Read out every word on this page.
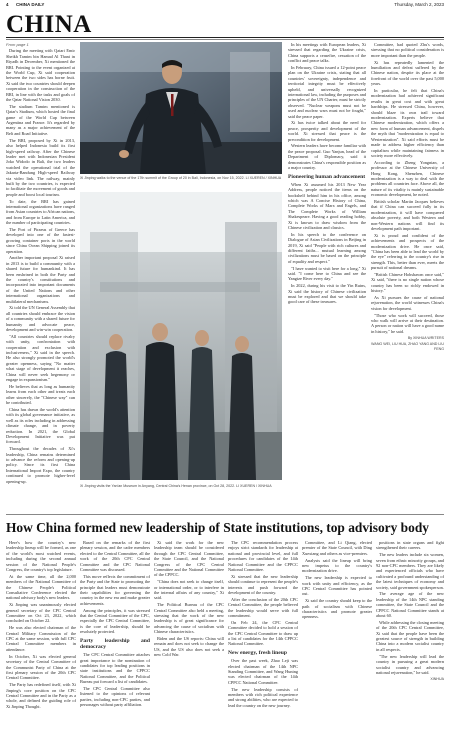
4 CHINA DAILY	Thursday, March 2, 2023
CHINA
From page 1

During the meeting with Qatari Emir Sheikh Tamim bin Hamad Al Thani in Riyadh in December, Xi mentioned the BRI. Pointing to the event organized at the World Cup, Xi said cooperation between the two sides has borne fruit. Xi said the two countries should deepen cooperation in the construction of the BRI, in line with the tasks and goals of the Qatar National Vision 2030.

The stadium Tamim mentioned is Qatar's Stadium, which hosted the final game of the World Cup between Argentina and France. It's regarded by many as a major achievement of the Belt and Road Initiative.

The BRI, proposed by Xi in 2013, also helped Indonesia build its first high-speed railway. After the Chinese leader met with Indonesian President Joko Widodo in Bali, the two leaders watched the operational trial of the Jakarta-Bandung High-speed Railway via video link. The railway, mainly built by the two countries, is expected to facilitate the movement of goods and people and boost local tourism.

To date, the BRI has gained international organizations have ranged from Asian countries to African nations, and from Europe to Latin America, and the number of participating countries.

The Port of Piraeus of Greece has developed into one of the fastest-growing container ports in the world since China Ocean Shipping joined its operation.

Another important proposal Xi raised in 2013 is to build a community with a shared future for humankind. It has been enshrined in both the Party and the country's constitutions and incorporated into important documents of the United Nations and other international organizations and multilateral mechanisms.

Xi told the UN General Assembly that all countries should embrace the vision of a community with a shared future for humanity and advocate peace, development and win-win cooperation.

"All countries should replace rivalry with unity, confrontation with cooperation and exclusion with inclusiveness," Xi said in the speech. He also strongly promoted the world's greater openness, saying "No matter what stage of development it reaches, China will never seek hegemony or engage in expansionism."

He believes that as long as humanity learns from each other and treats each other sincerely, the "Chinese way" can be contributed.

China has drawn the world's attention with its global governance initiative, as well as its roles including in addressing climate change, and in poverty reduction. In 2021, the Global Development Initiative was put forward.

Throughout the decades of Xi's leadership, China remains determined to advance the reform and opening-up policy. Since its first China International Import Expo, the country continued to promote higher-level opening-up.

Xi Jinping walks to the venue of the 17th summit of the Group of 20 in Bali, Indonesia, on Nov 15, 2022. LI XUEREN / XINHUA

In his meetings with European leaders, Xi stressed that regarding the Ukraine crisis, China supports a ceasefire, cessation of the conflict and peace talks.

In February, China issued a 12-point peace plan on the Ukraine crisis, stating that all countries' sovereignty, independence and territorial integrity must be effectively upheld, and universally recognized international law, including the purposes and principles of the UN Charter, must be strictly observed. "Nuclear weapons must not be used and nuclear wars must not be fought," said the peace paper.

Xi has twice talked about the need for peace, prosperity and development of the world. Xi stressed that peace is the precondition for development.

Western leaders have become familiar with the peace proposal. Guo Yanjun, head of the Department of Diplomacy, said it demonstrates China's responsible position as a major country.

Pioneering human advancement

When Xi assumed his 2013 New Year Address, people noticed the items on the bookshelf behind him in his office, among which was A Concise History of China, Complete Works of Marx and Engels, and The Complete Works of William Shakespeare. Having a good reading hobby, Xi is known to draw wisdom from the Chinese civilization and classics.

In his speech to the conference on Dialogue of Asian Civilizations in Beijing in 2019, Xi said "People with rich cultures and different faiths... mutual learning among civilizations must be based on the principle of equality and respect."

"I have wanted to visit here for a long," Xi said. "I come here to China and see the Yangtze River every day."

In 2022, during his visit to the Yin Ruins, Xi said the history of Chinese civilization must be explored and that we should take good care of these treasures.

Committee, had quoted Zhu's words, stressing that no political consideration is more important than the people.

Xi has repeatedly lamented the humiliation and defeat suffered by the Chinese nation, despite its place at the forefront of the world over the past 5,000 years.

In particular, he felt that China's modernization had achieved significant results in great cost and with great hardships. He stressed China, however, should blaze its own trail toward modernization. Experts believe that Chinese modernization, which offers a new form of human advancement, dispels the myth that "modernization is equal to Westernization". Xi said efforts must be made to address higher efficiency than capitalism while maintaining fairness in society more effectively.

According to Zheng Yongnian, a professor at the Chinese University of Hong Kong, Shenzhen, Chinese modernization is a way to deal with the problems all countries face. Above all, the nature of its vitality is mainly sustainable economic development, he noted.

British scholar Martin Jacques believes that if China can succeed fully in its modernization, it will have conquered absolute poverty, and both Western and non-Western nations will find its development path important.

Xi is proud and confident of the achievements and prospects of the modernization drive. He once said, "China has been able to lead the world by the eye" referring to the country's rise in strength. This, better than ever, meets the pursuit of national dreams.

"British Chinese Hobsbawm once said," Xi said, "there is no single nation whose country has been so richly endowed in history."

As Xi pursues the cause of national rejuvenation, the world witnesses China's vision for development.

"Those who work will succeed, those who walk will arrive at their destination. A person or nation will have a good name in history," he said.

By XINHUA WRITERS
WANG WEI, LIU HUA, ZHAO YANG AND LIU FENG
Xi Jinping visits the Yan'an Museum in Anyang, Central China's Henan province, on Oct 28, 2022. LI XUEREN / XINHUA
How China formed new leadership of State institutions, top advisory body

Here's how the country's new leadership lineup will be formed, as one of the world's most watched events, including during the second annual session of the National People's Congress, the country's top legislature.

At the same time, all the 2,000 members of the National Committee of the Chinese People's Political Consultative Conference elected the national advisory body's new leaders.

Xi Jinping was unanimously elected general secretary of the CPC Central Committee on Oct 23, 2022, which concluded on October 22.

He was also elected chairman of the Central Military Commission of the CPC at the same session, with full CPC Central Committee members in attendance.

In October, Xi was elected general secretary of the Central Committee of the Communist Party of China at the first plenary session of the 20th CPC Central Committee.

The Party has redefined itself, with Xi Jinping's core position on the CPC Central Committee and in the Party as a whole, and defined the guiding role of Xi Jinping Thought.

Based on the remarks of the first plenary session, and the cadre members elected to the Central Committee, all the work of the 20th CPC Central Committee and the CPC National Committee was discussed.

This move reflects the commitment of the Party and the State to promoting the principle that leaders must demonstrate their capabilities for governing the country in the new era and make greater achievements.

Among the principles, it was stressed that the Central Committee of the CPC, especially the CPC Central Committee, is the core of leadership, should be resolutely protected.

Party leadership and democracy

The CPC Central Committee attaches great importance to the nomination of candidates for top leading positions in state institutions and the CPPCC National Committee, and the Political Bureau put forward a list of candidates.

The CPC Central Committee also listened to the opinions of relevant parties, including non-CPC parties, and personages without party affiliation.

Xi said the work for the new leadership team should be considered through the CPC Central Committee, the State Council, and the National Congress of the CPC Central Committee and the National Committee of the CPPCC.

"China does not seek to change itself, or international order, or to interfere in the internal affairs of any country," Xi said.

The Political Bureau of the CPC Central Committee also held a meeting, stressing that the work of the new leadership is of great significance for advancing the cause of socialism with Chinese characteristics.

Biden and the US reports: China will remain and does not seek to change the US, and the US also does not seek a new Cold War.

The CPC recommendation process enjoys strict standards for leadership at national and provincial level, and full procedures for candidates of the 14th National Committee and the CPPCC National Committee.

Xi stressed that the new leadership should continue to represent the people's interests and push forward the development of the country.

After the conclusion of the 20th CPC Central Committee, the people believed the leadership would serve with full commitment.

On Feb 24, the CPC Central Committee decided to hold a session of the CPC Central Committee to draw up a list of candidates for the 14th CPPCC National Committee.

New energy, fresh lineup

Over the past week, Zhao Leji was elected chairman of the 14th NPC Standing Committee, and Wang Huning was elected chairman of the 14th CPPCC National Committee.

The new leadership consists of members with rich political experience and strong abilities, who are expected to lead the country on the new journey.

Committee, and Li Qiang, elected premier of the State Council, with Ding Xuexiang and others as vice-premiers.

Analysts said the lineup will bring new impetus to the country's modernization drive.

The new leadership is expected to work with unity and efficiency, as the CPC Central Committee has pointed out.

Xi said the country should keep to the path of socialism with Chinese characteristics and promote greater openness.

positions in state organs and fight strengthened their careers.

The new leaders include six women, seven from ethnic minority groups, and 92 non-CPC members. They are likely and experienced officials who have cultivated a profound understanding of the latest techniques of economy and society, said government spokesperson.

The average age of the new leadership of the 14th NPC standing committee, the State Council and the CPPCC National Committee stands at about 60.

While addressing the closing meeting of the 20th CPC Central Committee, Xi said that the people have been the greatest source of strength in building China into a modern socialist country in all respects.

"The new leadership will lead the country in pursuing a great modern socialist country and advancing national rejuvenation," he said.

XINHUA
